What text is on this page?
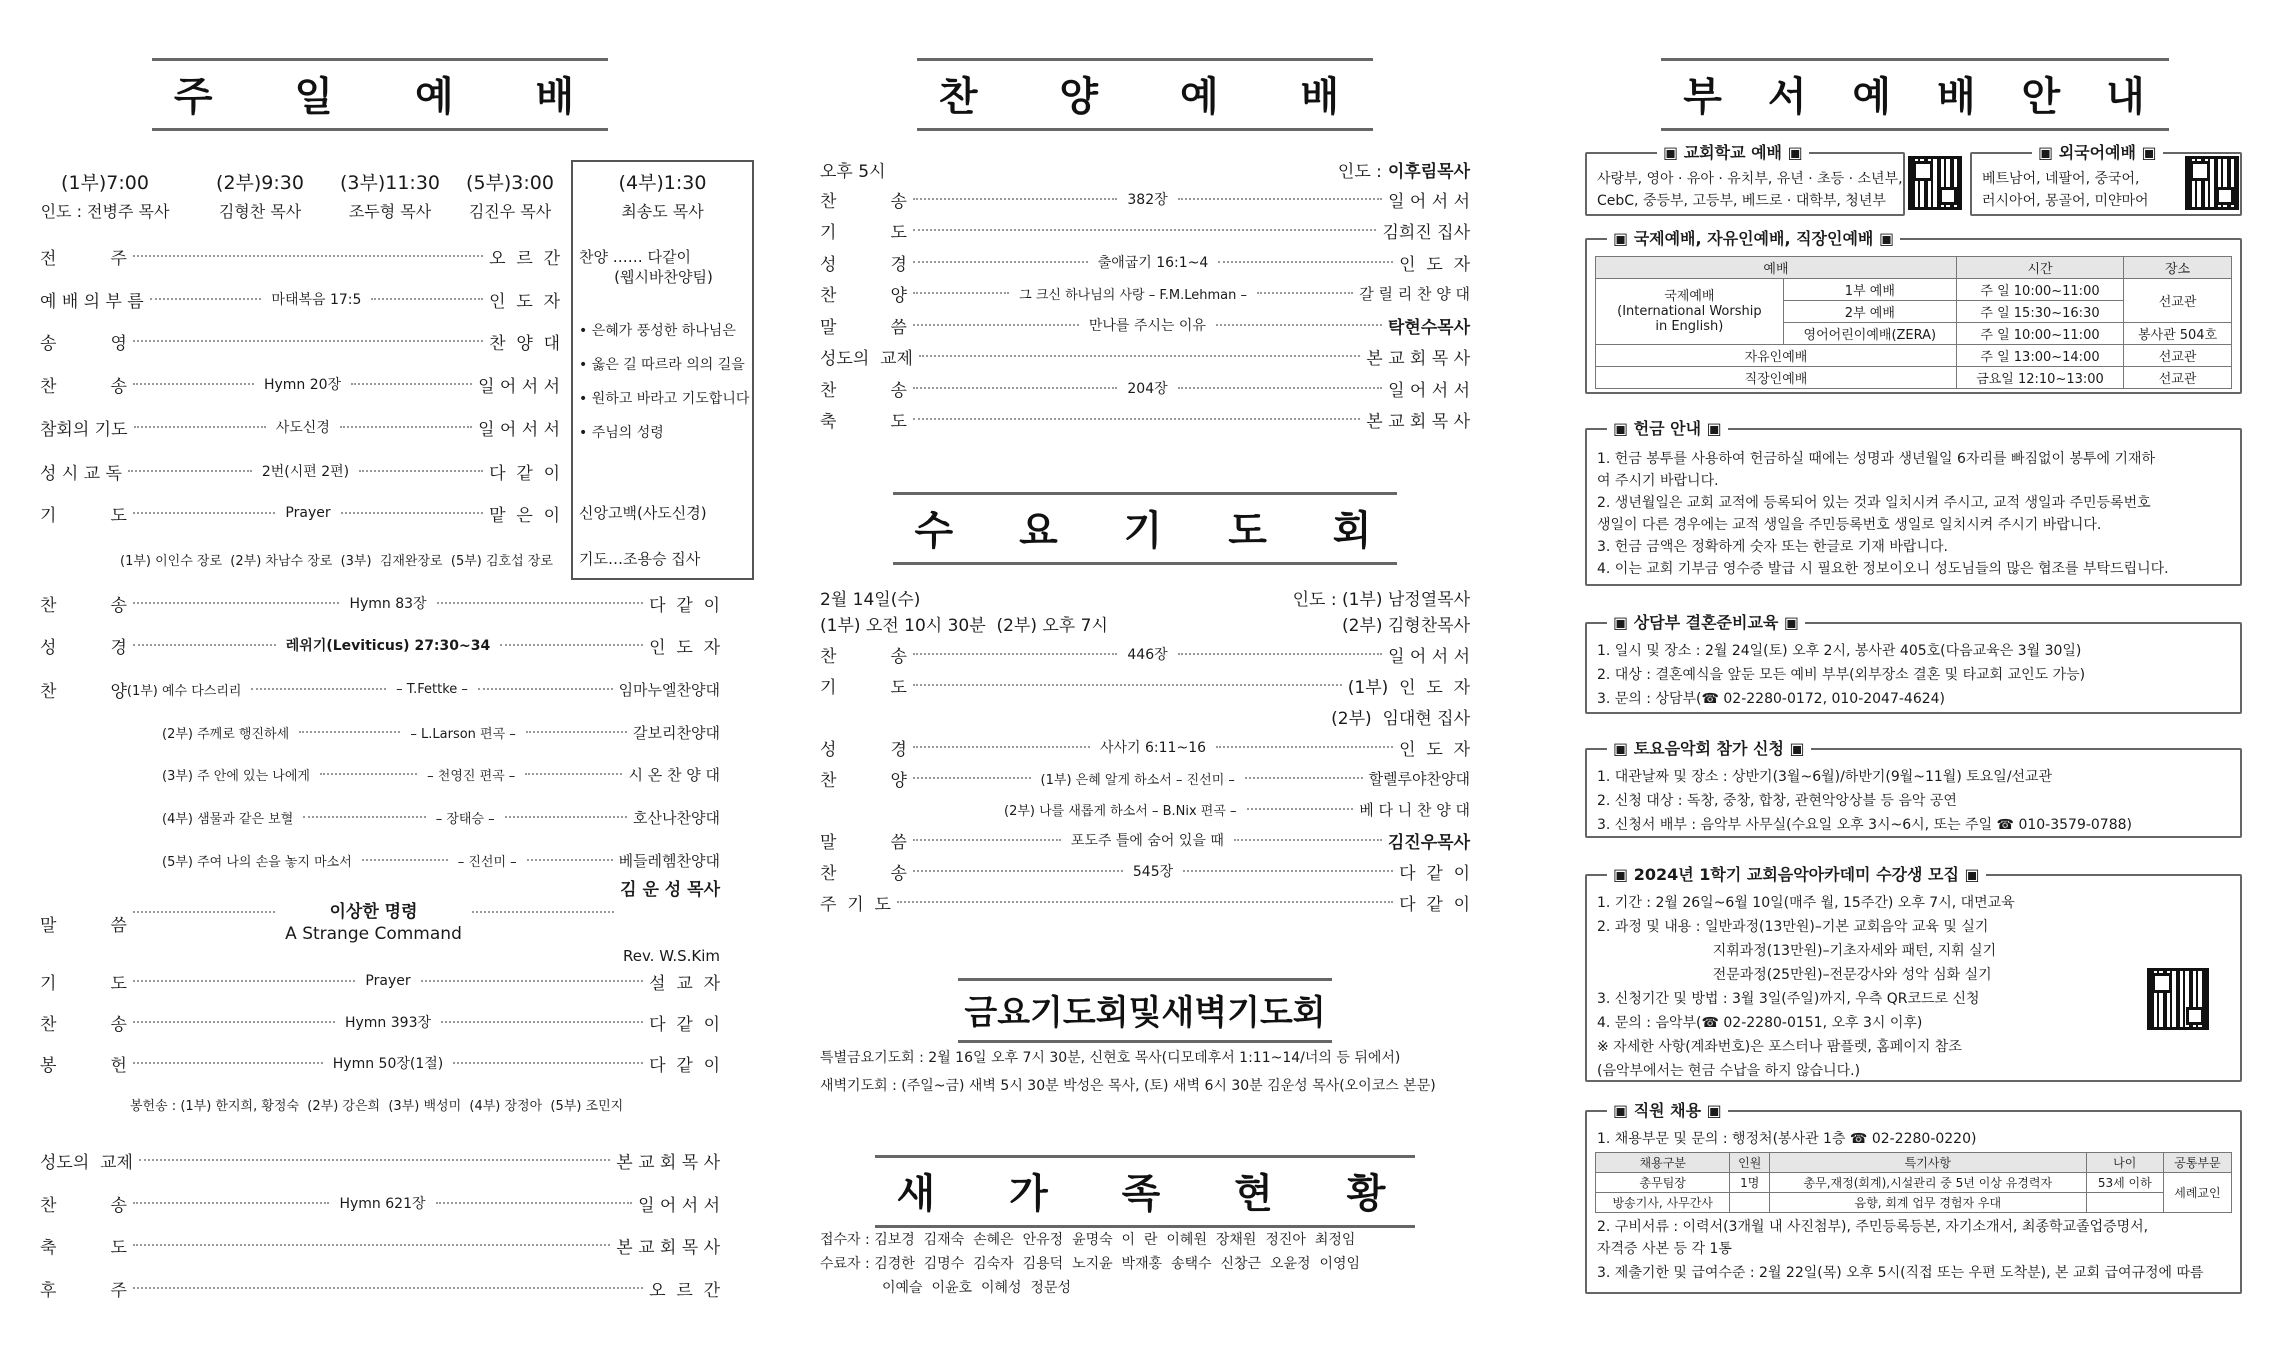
주 일 예 배
(1부)7:00
인도 : 전병주 목사
(2부)9:30
김형찬 목사
(3부)11:30
조두형 목사
(5부)3:00
김진우 목사
(4부)1:30
최송도 목사
찬양 …… 다같이
(웹시바찬양팀)
• 은혜가 풍성한 하나님은
• 옳은 길 따르라 의의 길을
• 원하고 바라고 기도합니다
• 주님의 성령
신앙고백(사도신경)
기도…조용승 집사
전          주	오  르  간
예 배 의 부 름	마태복음 17:5	인  도  자
송          영	찬  양  대
찬          송	Hymn 20장	일 어 서 서
참회의 기도	사도신경	일 어 서 서
성 시 교 독	2번(시편 2편)	다  같  이
기          도	Prayer	맡  은  이
(1부) 이인수 장로  (2부) 차남수 장로  (3부)  김재완장로  (5부) 김호섭 장로
찬          송	Hymn 83장	다  같  이
성          경	레위기(Leviticus) 27:30~34	인  도  자
찬          양 (1부) 예수 다스리리	– T.Fettke –	임마누엘찬양대
(2부) 주께로 행진하세	– L.Larson 편곡 –	갈보리찬양대
(3부) 주 안에 있는 나에게	– 천영진 편곡 –	시 온 찬 양 대
(4부) 샘물과 같은 보혈	– 장태승 –	호산나찬양대
(5부) 주여 나의 손을 놓지 마소서	– 진선미 –	베들레헴찬양대
말          씀
이상한 명령
A Strange Command

김 운 성 목사

Rev. W.S.Kim

기          도	Prayer	설  교  자
찬          송	Hymn 393장	다  같  이
봉          헌	Hymn 50장(1절)	다  같  이
봉헌송 : (1부) 한지희, 황정숙  (2부) 강은희  (3부) 백성미  (4부) 장정아  (5부) 조민지
성도의  교제	본 교 회 목 사
찬          송	Hymn 621장	일 어 서 서
축          도	본 교 회 목 사
후          주	오  르  간
찬 양 예 배
오후 5시	인도 : 이후림목사
찬          송	382장	일 어 서 서
기          도	김희진 집사
성          경	출애굽기 16:1~4	인  도  자
찬          양	그 크신 하나님의 사랑 – F.M.Lehman –	갈 릴 리 찬 양 대
말          씀	만나를 주시는 이유	탁현수목사
성도의  교제	본 교 회 목 사
찬          송	204장	일 어 서 서
축          도	본 교 회 목 사
수 요 기 도 회
2월 14일(수)	인도 : (1부) 남정열목사
(1부) 오전 10시 30분  (2부) 오후 7시	(2부) 김형찬목사
찬          송	446장	일 어 서 서
기          도	(1부)  인  도  자
(2부)  임대현 집사
성          경	사사기 6:11~16	인  도  자
찬          양	(1부) 은혜 알게 하소서 – 진선미 –	할렐루야찬양대
(2부) 나를 새롭게 하소서 – B.Nix 편곡 –	베 다 니 찬 양 대
말          씀	포도주 틀에 숨어 있을 때	김진우목사
찬          송	545장	다  같  이
주  기  도	다  같  이
금요기도회및새벽기도회
특별금요기도회 : 2월 16일 오후 7시 30분, 신현호 목사(디모데후서 1:11~14/너의 등 뒤에서)
새벽기도회 : (주일~금) 새벽 5시 30분 박성은 목사, (토) 새벽 6시 30분 김운성 목사(오이코스 본문)
새 가 족 현 황
접수자 : 김보경  김재숙  손혜은  안유정  윤명숙  이  란  이혜원  장채원  정진아  최정임
수료자 : 김경한  김명수  김숙자  김용덕  노지윤  박재홍  송택수  신창근  오윤정  이영임
이예슬  이윤호  이혜성  정문성
부 서 예 배 안 내
▣ 교회학교 예배 ▣
사랑부, 영아 · 유아 · 유치부, 유년 · 초등 · 소년부,
CebC, 중등부, 고등부, 베드로 · 대학부, 청년부
▣ 외국어예배 ▣
베트남어, 네팔어, 중국어,
러시아어, 몽골어, 미얀마어
▣ 국제예배, 자유인예배, 직장인예배 ▣
예배		시간	장소
국제예배
(International Worship
in English)	1부 예배	주 일 10:00~11:00	선교관
	2부 예배	주 일 15:30~16:30	
	영어어린이예배(ZERA)	주 일 10:00~11:00	봉사관 504호
자유인예배		주 일 13:00~14:00	선교관
직장인예배		금요일 12:10~13:00	선교관
▣ 헌금 안내 ▣
1. 헌금 봉투를 사용하여 헌금하실 때에는 성명과 생년월일 6자리를 빠짐없이 봉투에 기재하
여 주시기 바랍니다.
2. 생년월일은 교회 교적에 등록되어 있는 것과 일치시켜 주시고, 교적 생일과 주민등록번호
생일이 다른 경우에는 교적 생일을 주민등록번호 생일로 일치시켜 주시기 바랍니다.
3. 헌금 금액은 정확하게 숫자 또는 한글로 기재 바랍니다.
4. 이는 교회 기부금 영수증 발급 시 필요한 정보이오니 성도님들의 많은 협조를 부탁드립니다.
▣ 상담부 결혼준비교육 ▣
1. 일시 및 장소 : 2월 24일(토) 오후 2시, 봉사관 405호(다음교육은 3월 30일)
2. 대상 : 결혼예식을 앞둔 모든 예비 부부(외부장소 결혼 및 타교회 교인도 가능)
3. 문의 : 상담부(☎ 02-2280-0172, 010-2047-4624)
▣ 토요음악회 참가 신청 ▣
1. 대관날짜 및 장소 : 상반기(3월~6월)/하반기(9월~11월) 토요일/선교관
2. 신청 대상 : 독창, 중창, 합창, 관현악앙상블 등 음악 공연
3. 신청서 배부 : 음악부 사무실(수요일 오후 3시~6시, 또는 주일 ☎ 010-3579-0788)
▣ 2024년 1학기 교회음악아카데미 수강생 모집 ▣
1. 기간 : 2월 26일~6월 10일(매주 월, 15주간) 오후 7시, 대면교육
2. 과정 및 내용 : 일반과정(13만원)–기본 교회음악 교육 및 실기
지휘과정(13만원)–기초자세와 패턴, 지휘 실기
전문과정(25만원)–전문강사와 성악 심화 실기
3. 신청기간 및 방법 : 3월 3일(주일)까지, 우측 QR코드로 신청
4. 문의 : 음악부(☎ 02-2280-0151, 오후 3시 이후)
※ 자세한 사항(계좌번호)은 포스터나 팜플렛, 홈페이지 참조
(음악부에서는 현금 수납을 하지 않습니다.)
▣ 직원 채용 ▣
1. 채용부문 및 문의 : 행정처(봉사관 1층 ☎ 02-2280-0220)
2. 구비서류 : 이력서(3개월 내 사진첨부), 주민등록등본, 자기소개서, 최종학교졸업증명서,
자격증 사본 등 각 1통
3. 제출기한 및 급여수준 : 2월 22일(목) 오후 5시(직접 또는 우편 도착분), 본 교회 급여규정에 따름
채용구분	인원	특기사항	나이	공통부문
총무팀장	1명	총무,재정(회계),시설관리 중 5년 이상 유경력자	53세 이하	세례교인
방송기사, 사무간사		음향, 회계 업무 경험자 우대		
